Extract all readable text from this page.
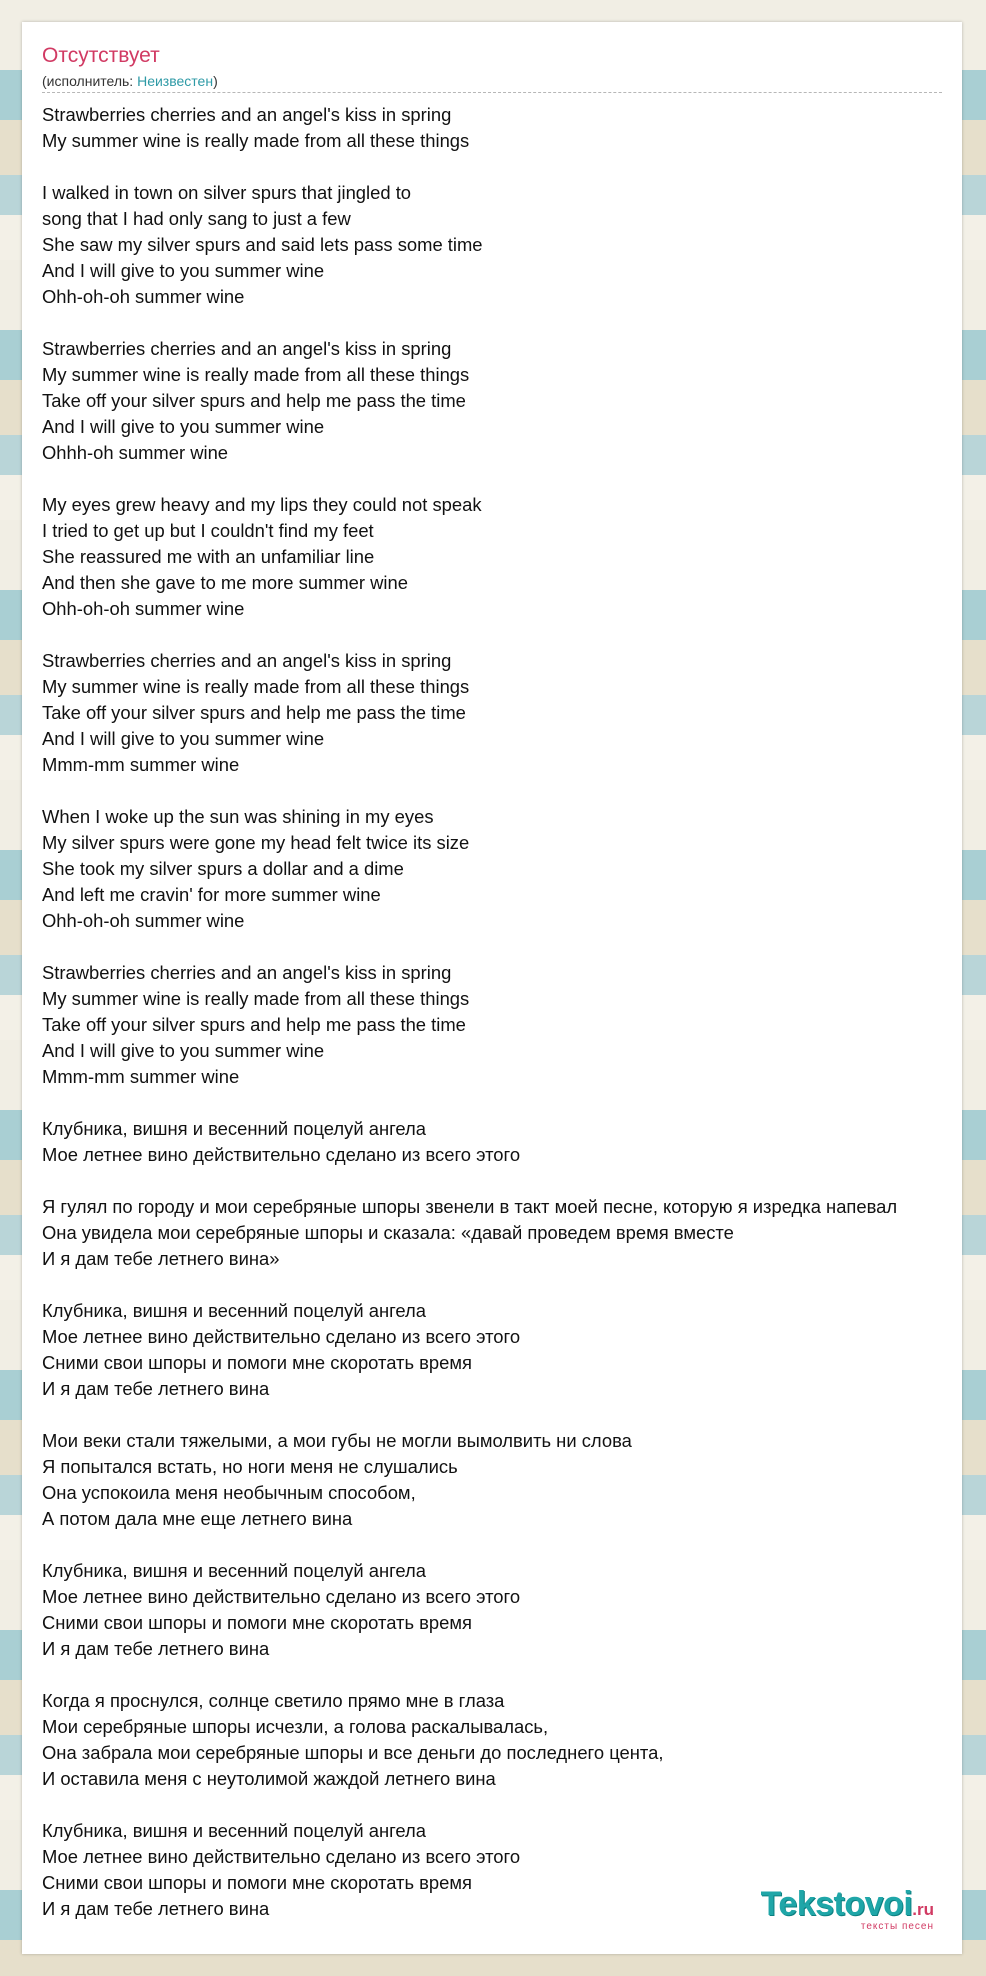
Отсутствует
(исполнитель: Неизвестен)
Strawberries cherries and an angel's kiss in spring
My summer wine is really made from all these things
I walked in town on silver spurs that jingled to
song that I had only sang to just a few
She saw my silver spurs and said lets pass some time
And I will give to you summer wine
Ohh-oh-oh summer wine
Strawberries cherries and an angel's kiss in spring
My summer wine is really made from all these things
Take off your silver spurs and help me pass the time
And I will give to you summer wine
Ohhh-oh summer wine
My eyes grew heavy and my lips they could not speak
I tried to get up but I couldn't find my feet
She reassured me with an unfamiliar line
And then she gave to me more summer wine
Ohh-oh-oh summer wine
Strawberries cherries and an angel's kiss in spring
My summer wine is really made from all these things
Take off your silver spurs and help me pass the time
And I will give to you summer wine
Mmm-mm summer wine
When I woke up the sun was shining in my eyes
My silver spurs were gone my head felt twice its size
She took my silver spurs a dollar and a dime
And left me cravin' for more summer wine
Ohh-oh-oh summer wine
Strawberries cherries and an angel's kiss in spring
My summer wine is really made from all these things
Take off your silver spurs and help me pass the time
And I will give to you summer wine
Mmm-mm summer wine
Клубника, вишня и весенний поцелуй ангела
Мое летнее вино действительно сделано из всего этого
Я гулял по городу и мои серебряные шпоры звенели в такт моей песне, которую я изредка напевал
Она увидела мои серебряные шпоры и сказала: «давай проведем время вместе
И я дам тебе летнего вина»
Клубника, вишня и весенний поцелуй ангела
Мое летнее вино действительно сделано из всего этого
Сними свои шпоры и помоги мне скоротать время
И я дам тебе летнего вина
Мои веки стали тяжелыми, а мои губы не могли вымолвить ни слова
Я попытался встать, но ноги меня не слушались
Она успокоила меня необычным способом,
А потом дала мне еще летнего вина
Клубника, вишня и весенний поцелуй ангела
Мое летнее вино действительно сделано из всего этого
Сними свои шпоры и помоги мне скоротать время
И я дам тебе летнего вина
Когда я проснулся, солнце светило прямо мне в глаза
Мои серебряные шпоры исчезли, а голова раскалывалась,
Она забрала мои серебряные шпоры и все деньги до последнего цента,
И оставила меня с неутолимой жаждой летнего вина
Клубника, вишня и весенний поцелуй ангела
Мое летнее вино действительно сделано из всего этого
Сними свои шпоры и помоги мне скоротать время
И я дам тебе летнего вина	Tekstovoi.ru
тексты песен
